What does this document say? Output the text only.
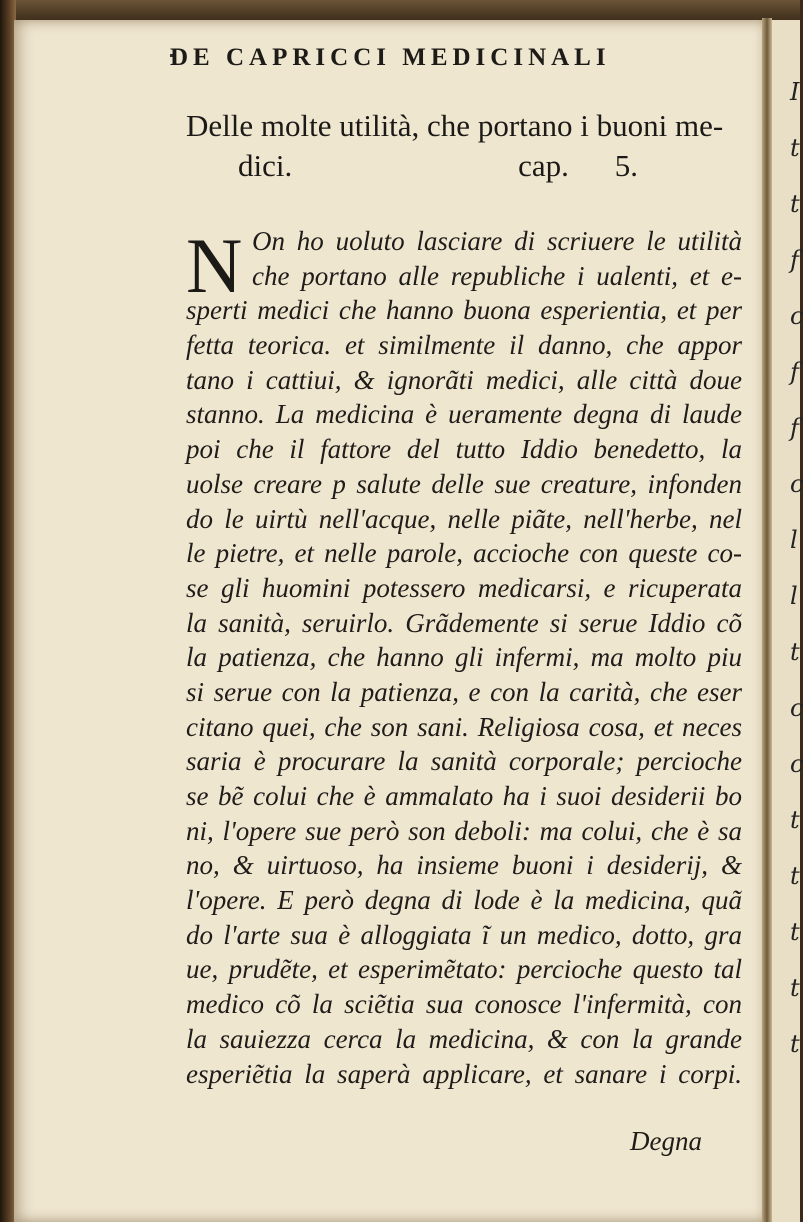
I
t
t
f
c
f
f
c
l
l
t
c
c
t
t
t
t
t
DE CAPRICCI MEDICINALI
Delle molte utilità, che portano i buoni me-
dici.	cap. 5.
N On ho uoluto lasciare di scriuere le utilità
che portano alle republiche i ualenti, et e-
sperti medici che hanno buona esperientia, et per
fetta teorica. et similmente il danno, che appor
tano i cattiui, & ignorãti medici, alle città doue
stanno. La medicina è ueramente degna di laude
poi che il fattore del tutto Iddio benedetto, la
uolse creare p salute delle sue creature, infonden
do le uirtù nell'acque, nelle piãte, nell'herbe, nel
le pietre, et nelle parole, accioche con queste co-
se gli huomini potessero medicarsi, e ricuperata
la sanità, seruirlo. Grãdemente si serue Iddio cõ
la patienza, che hanno gli infermi, ma molto piu
si serue con la patienza, e con la carità, che eser
citano quei, che son sani. Religiosa cosa, et neces
saria è procurare la sanità corporale; percioche
se bẽ colui che è ammalato ha i suoi desiderii bo
ni, l'opere sue però son deboli: ma colui, che è sa
no, & uirtuoso, ha insieme buoni i desiderij, &
l'opere. E però degna di lode è la medicina, quã
do l'arte sua è alloggiata ĩ un medico, dotto, gra
ue, prudẽte, et esperimẽtato: percioche questo tal
medico cõ la sciẽtia sua conosce l'infermità, con
la sauiezza cerca la medicina, & con la grande
esperiẽtia la saperà applicare, et sanare i corpi.
Degna
